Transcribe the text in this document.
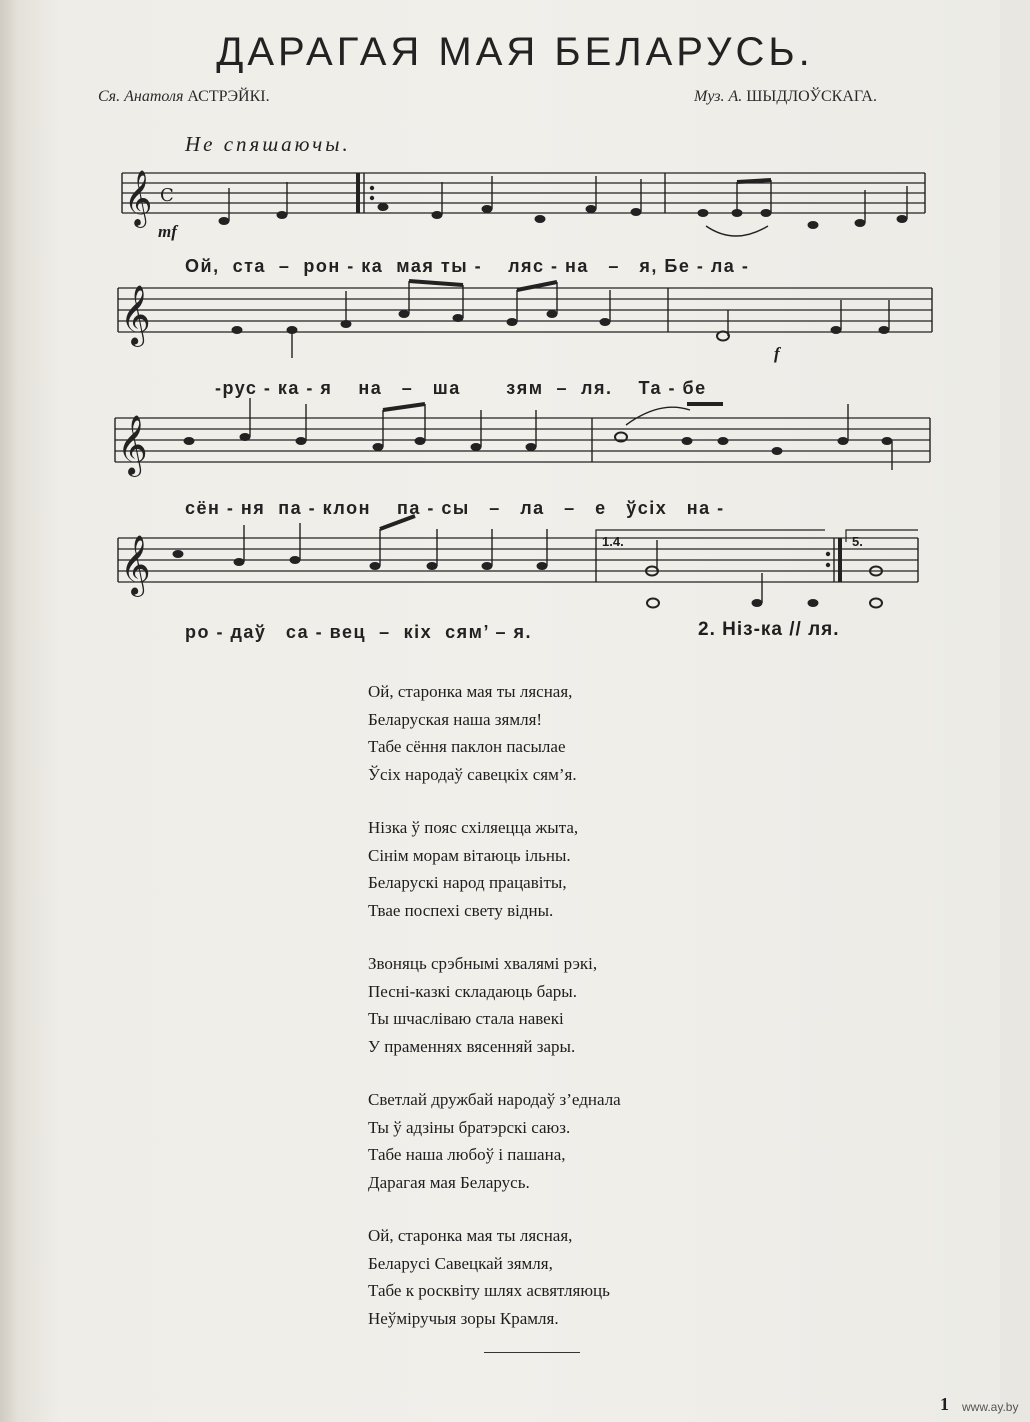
ДАРАГАЯ МАЯ БЕЛАРУСЬ.
Ся. Анатоля АСТРЭЙКІ.	Муз. А. ШЫДЛОЎСКАГА.
Не спяшаючы.
𝄞
𝄞
𝄞
𝄞
C
mf
f
Ой,  ста  –  рон - ка  мая ты -    ляс - на   –   я, Бе - ла -
-рус - ка - я    на   –   ша       зям  –  ля.    Та - бе
сён - ня  па - клон    па - сы   –   ла   –   е   ўсіх   на -
ро - даў   са - вец  –  кіх  сям’ – я.
1.4.	5.
2. Ніз-ка // ля.
Ой, старонка мая ты лясная,
Беларуская наша зямля!
Табе сёння паклон пасылае
Ўсіх народаў савецкіх сям’я.
Нізка ў пояс схіляецца жыта,
Сінім морам вітаюць ільны.
Беларускі народ працавіты,
Твае поспехі свету відны.
Звоняць срэбнымі хвалямі рэкі,
Песні-казкі складаюць бары.
Ты шчасліваю стала навекі
У праменнях вясенняй зары.
Светлай дружбай народаў з’еднала
Ты ў адзіны братэрскі саюз.
Табе наша любоў і пашана,
Дарагая мая Беларусь.
Ой, старонка мая ты лясная,
Беларусі Савецкай зямля,
Табе к росквіту шлях асвятляюць
Неўміручыя зоры Крамля.
1 www.ay.by
